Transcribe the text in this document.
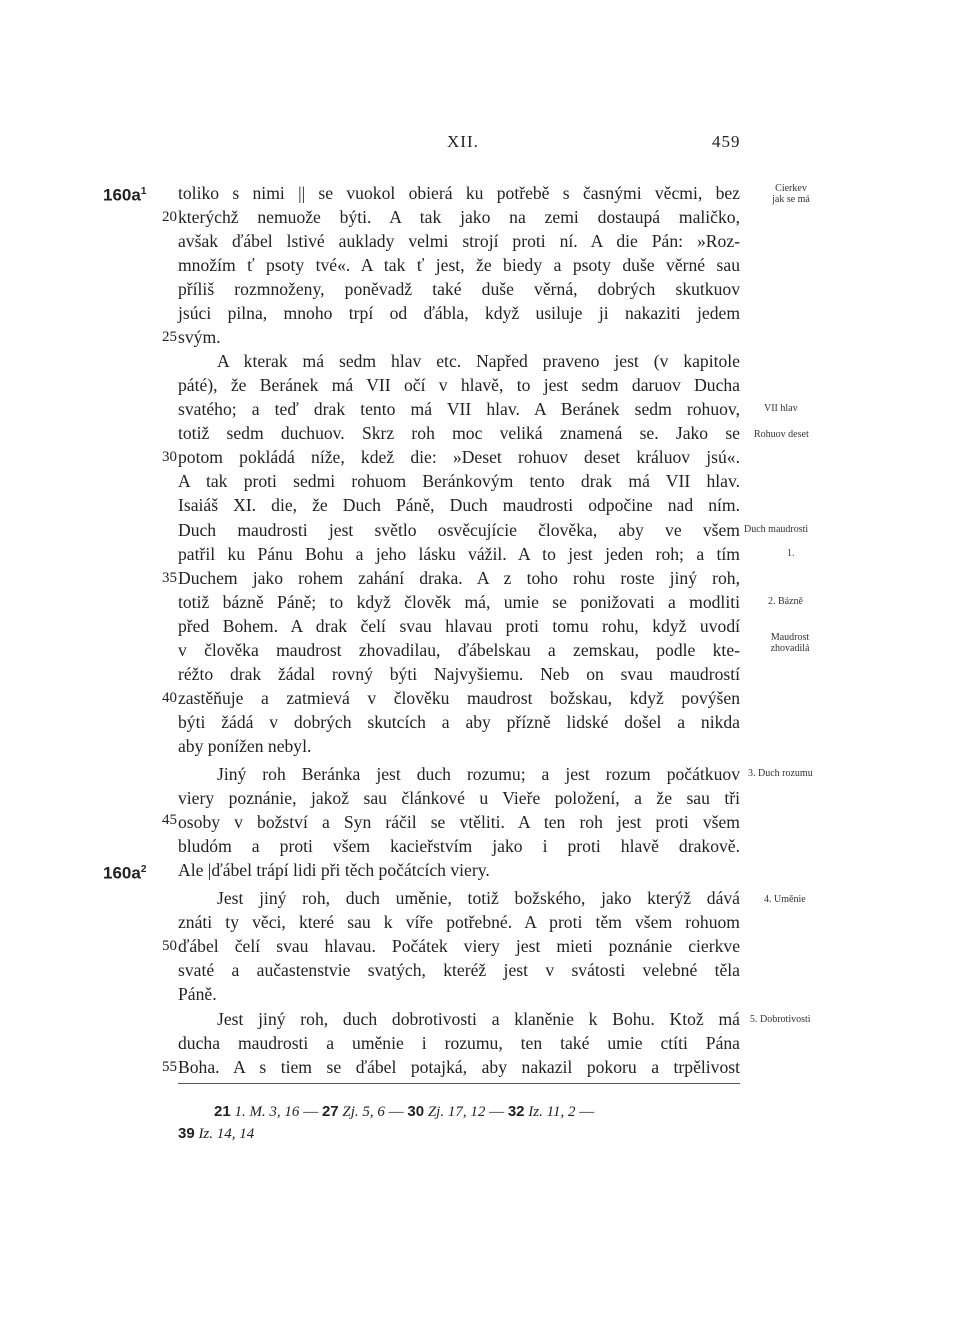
XII.	459
$160a^1$
$160a^2$
20
25
30
35
40
45
50
55
toliko s nimi || se vuokol obierá ku potřebě s časnými věcmi, bez
kterýchž nemuože býti. A tak jako na zemi dostaupá maličko,
avšak ďábel lstivé auklady velmi strojí proti ní. A die Pán: »Roz-
množím ť psoty tvé«. A tak ť jest, že biedy a psoty duše věrné sau
příliš rozmnoženy, poněvadž také duše věrná, dobrých skutkuov
jsúci pilna, mnoho trpí od ďábla, když usiluje ji nakaziti jedem
svým.
A kterak má sedm hlav etc. Napřed praveno jest (v kapitole
páté), že Beránek má VII očí v hlavě, to jest sedm daruov Ducha
svatého; a teď drak tento má VII hlav. A Beránek sedm rohuov,
totiž sedm duchuov. Skrz roh moc veliká znamená se. Jako se
potom pokládá níže, kdež die: »Deset rohuov deset králuov jsú«.
A tak proti sedmi rohuom Beránkovým tento drak má VII hlav.
Isaiáš XI. die, že Duch Páně, Duch maudrosti odpočine nad ním.
Duch maudrosti jest světlo osvěcujície člověka, aby ve všem
patřil ku Pánu Bohu a jeho lásku vážil. A to jest jeden roh; a tím
Duchem jako rohem zahání draka. A z toho rohu roste jiný roh,
totiž bázně Páně; to když člověk má, umie se ponižovati a modliti
před Bohem. A drak čelí svau hlavau proti tomu rohu, když uvodí
v člověka maudrost zhovadilau, ďábelskau a zemskau, podle kte-
réžto drak žádal rovný býti Najvyšiemu. Neb on svau maudrostí
zastěňuje a zatmievá v člověku maudrost božskau, když povýšen
býti žádá v dobrých skutcích a aby přízně lidské došel a nikda
aby ponížen nebyl.
Jiný roh Beránka jest duch rozumu; a jest rozum počátkuov
viery poznánie, jakož sau článkové u Vieře položení, a že sau tři
osoby v božství a Syn ráčil se vtěliti. A ten roh jest proti všem
bludóm a proti všem kacieřstvím jako i proti hlavě drakově.
Ale |ďábel trápí lidi při těch počátcích viery.
Jest jiný roh, duch uměnie, totiž božského, jako kterýž dává
znáti ty věci, které sau k víře potřebné. A proti těm všem rohuom
ďábel čelí svau hlavau. Počátek viery jest mieti poznánie cierkve
svaté a aučastenstvie svatých, kteréž jest v svátosti velebné těla
Páně.
Jest jiný roh, duch dobrotivosti a klaněnie k Bohu. Ktož má
ducha maudrosti a uměnie i rozumu, ten také umie ctíti Pána
Boha. A s tiem se ďábel potajká, aby nakazil pokoru a trpělivost
Cierkev
jak se má
VII hlav
Rohuov deset
Duch maudrosti
1.
2. Bázně
Maudrost
zhovadilá
3. Duch rozumu
4. Uměnie
5. Dobrotivosti
21 1. M. 3, 16 — 27 Zj. 5, 6 — 30 Zj. 17, 12 — 32 Iz. 11, 2 —
39 Iz. 14, 14
